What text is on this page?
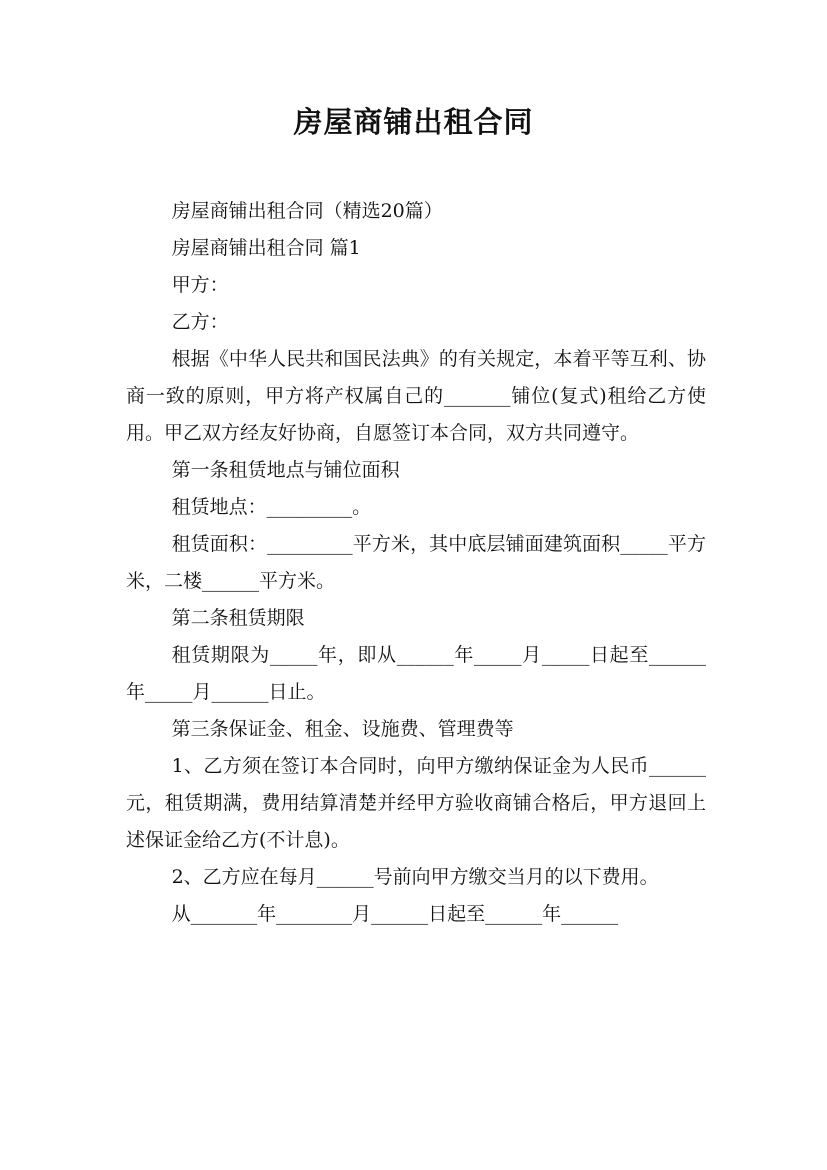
房屋商铺出租合同

房屋商铺出租合同（精选20篇）

房屋商铺出租合同 篇1

甲方：

乙方：

根据《中华人民共和国民法典》的有关规定，本着平等互利、协商一致的原则，甲方将产权属自己的_______铺位(复式)租给乙方使用。甲乙双方经友好协商，自愿签订本合同，双方共同遵守。

第一条租赁地点与铺位面积

租赁地点：_________。

租赁面积：_________平方米，其中底层铺面建筑面积_____平方米，二楼______平方米。

第二条租赁期限

租赁期限为_____年，即从______年_____月_____日起至______年_____月______日止。

第三条保证金、租金、设施费、管理费等

1、乙方须在签订本合同时，向甲方缴纳保证金为人民币______元，租赁期满，费用结算清楚并经甲方验收商铺合格后，甲方退回上述保证金给乙方(不计息)。

2、乙方应在每月______号前向甲方缴交当月的以下费用。

从_______年________月______日起至______年______
